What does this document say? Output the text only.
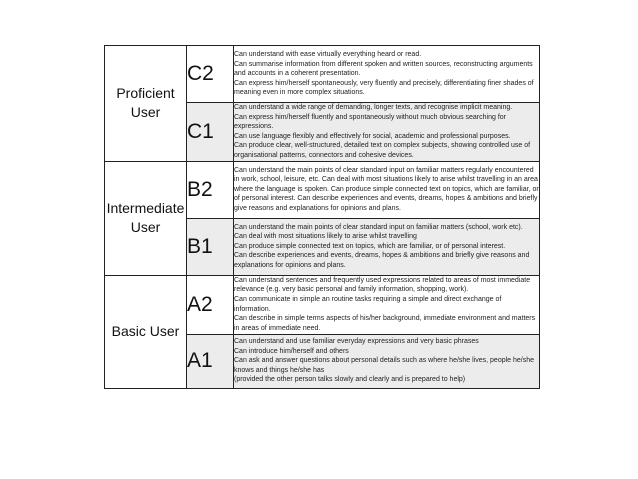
Proficient
User	C2	Can understand with ease virtually everything heard or read.
Can summarise information from different spoken and written sources, reconstructing arguments and accounts in a coherent presentation.
Can express him/herself spontaneously, very fluently and precisely, differentiating finer shades of meaning even in more complex situations.

	C1	Can understand a wide range of demanding, longer texts, and recognise implicit meaning.
Can express him/herself fluently and spontaneously without much obvious searching for expressions.
Can use language flexibly and effectively for social, academic and professional purposes.
Can produce clear, well-structured, detailed text on complex subjects, showing controlled use of organisational patterns, connectors and cohesive devices.

Intermediate
User	B2	Can understand the main points of clear standard input on familiar matters regularly encountered in work, school, leisure, etc. Can deal with most situations likely to arise whilst travelling in an area where the language is spoken. Can produce simple connected text on topics, which are familiar, or of personal interest. Can describe experiences and events, dreams, hopes & ambitions and briefly give reasons and explanations for opinions and plans.

	B1	Can understand the main points of clear standard input on familiar matters (school, work etc).
Can deal with most situations likely to arise whilst travelling
Can produce simple connected text on topics, which are familiar, or of personal interest.
Can describe experiences and events, dreams, hopes & ambitions and briefly give reasons and explanations for opinions and plans.

Basic User	A2	Can understand sentences and frequently used expressions related to areas of most immediate relevance (e.g. very basic personal and family information, shopping, work).
Can communicate in simple an routine tasks requiring a simple and direct exchange of information.
Can describe in simple terms aspects of his/her background, immediate environment and matters in areas of immediate need.

	A1	Can understand and use familiar everyday expressions and very basic phrases
Can introduce him/herself and others
Can ask and answer questions about personal details such as where he/she lives, people he/she knows and things he/she has
(provided the other person talks slowly and clearly and is prepared to help)
